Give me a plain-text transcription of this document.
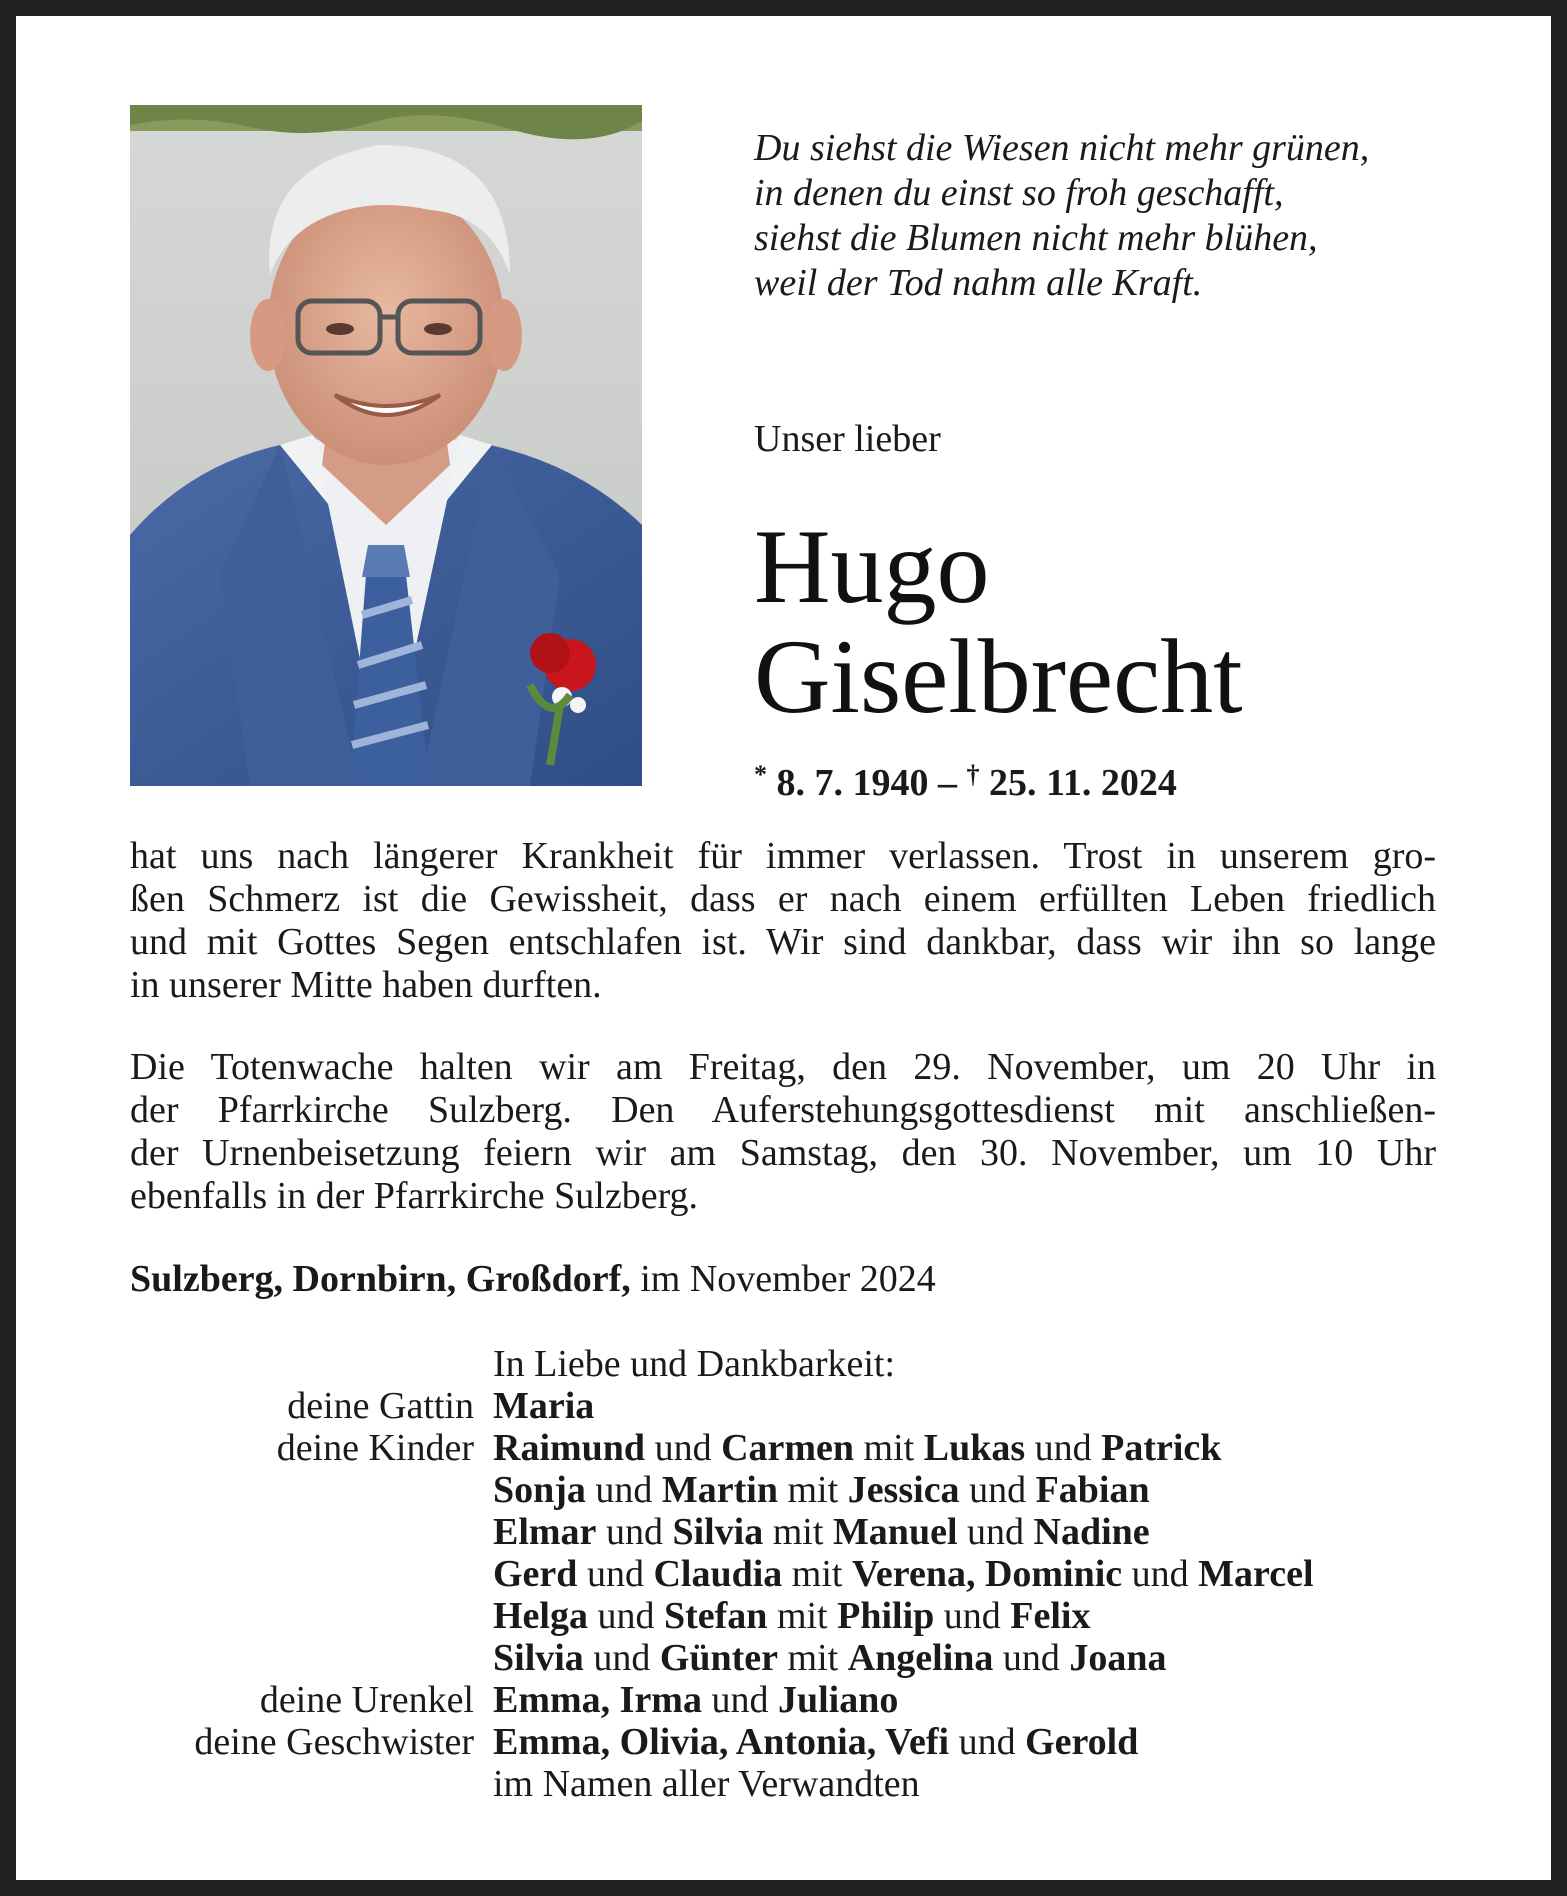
Du siehst die Wiesen nicht mehr grünen,
in denen du einst so froh geschafft,
siehst die Blumen nicht mehr blühen,
weil der Tod nahm alle Kraft.
Unser lieber
Hugo
Giselbrecht
* 8. 7. 1940 – † 25. 11. 2024
hat uns nach längerer Krankheit für immer verlassen. Trost in unserem gro-
ßen Schmerz ist die Gewissheit, dass er nach einem erfüllten Leben friedlich
und mit Gottes Segen entschlafen ist. Wir sind dankbar, dass wir ihn so lange
in unserer Mitte haben durften.
Die Totenwache halten wir am Freitag, den 29. November, um 20 Uhr in
der Pfarrkirche Sulzberg. Den Auferstehungsgottesdienst mit anschließen-
der Urnenbeisetzung feiern wir am Samstag, den 30. November, um 10 Uhr
ebenfalls in der Pfarrkirche Sulzberg.
Sulzberg, Dornbirn, Großdorf, im November 2024
In Liebe und Dankbarkeit:
deine Gattin Maria
deine Kinder Raimund und Carmen mit Lukas und Patrick
Sonja und Martin mit Jessica und Fabian
Elmar und Silvia mit Manuel und Nadine
Gerd und Claudia mit Verena, Dominic und Marcel
Helga und Stefan mit Philip und Felix
Silvia und Günter mit Angelina und Joana
deine Urenkel Emma, Irma und Juliano
deine Geschwister Emma, Olivia, Antonia, Vefi und Gerold
im Namen aller Verwandten
